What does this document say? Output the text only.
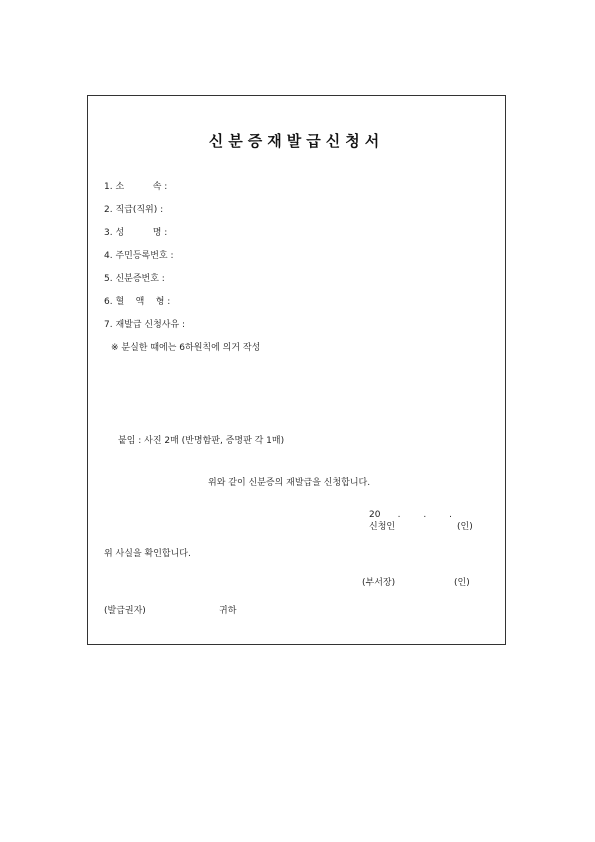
신분증재발급신청서
1. 소          속 :
2. 직급(직위) :
3. 성          명 :
4. 주민등록번호 :
5. 신분증번호 :
6. 혈    액    형 :
7. 재발급 신청사유 :
※ 분실한 때에는 6하원칙에 의거 작성
붙임 : 사진 2매 (반명함판, 증명판 각 1매)
위와 같이 신분증의 재발급을 신청합니다.
20      .        .        .
신청인	(인)
위 사실을 확인합니다.
(부서장)	(인)
(발급권자)	귀하
